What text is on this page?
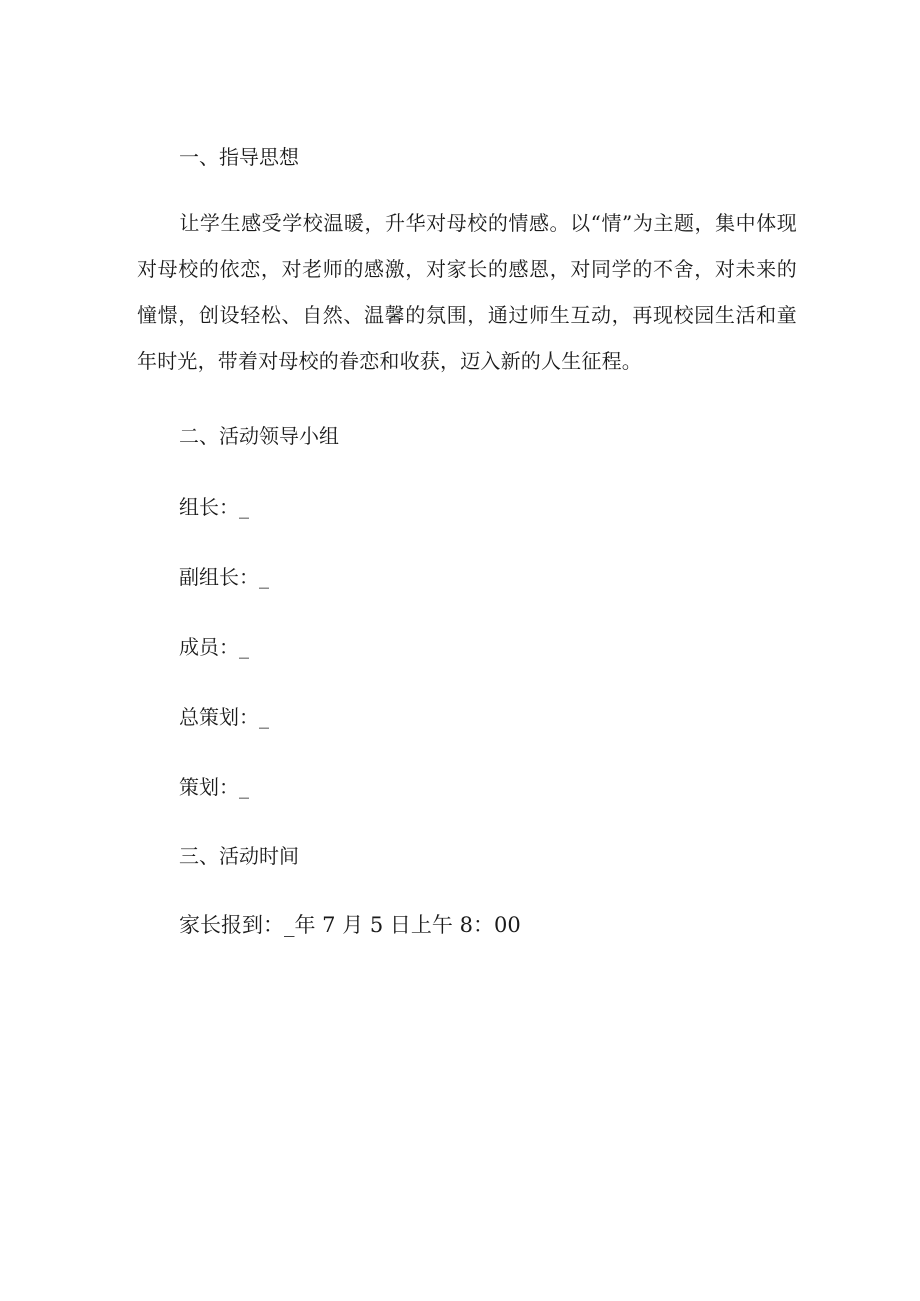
一、指导思想
让学生感受学校温暖，升华对母校的情感。以“情”为主题，集中体现对母校的依恋，对老师的感激，对家长的感恩，对同学的不舍，对未来的憧憬，创设轻松、自然、温馨的氛围，通过师生互动，再现校园生活和童年时光，带着对母校的眷恋和收获，迈入新的人生征程。
二、活动领导小组
组长：_
副组长：_
成员：_
总策划：_
策划：_
三、活动时间
家长报到：_年 7 月 5 日上午 8：00
